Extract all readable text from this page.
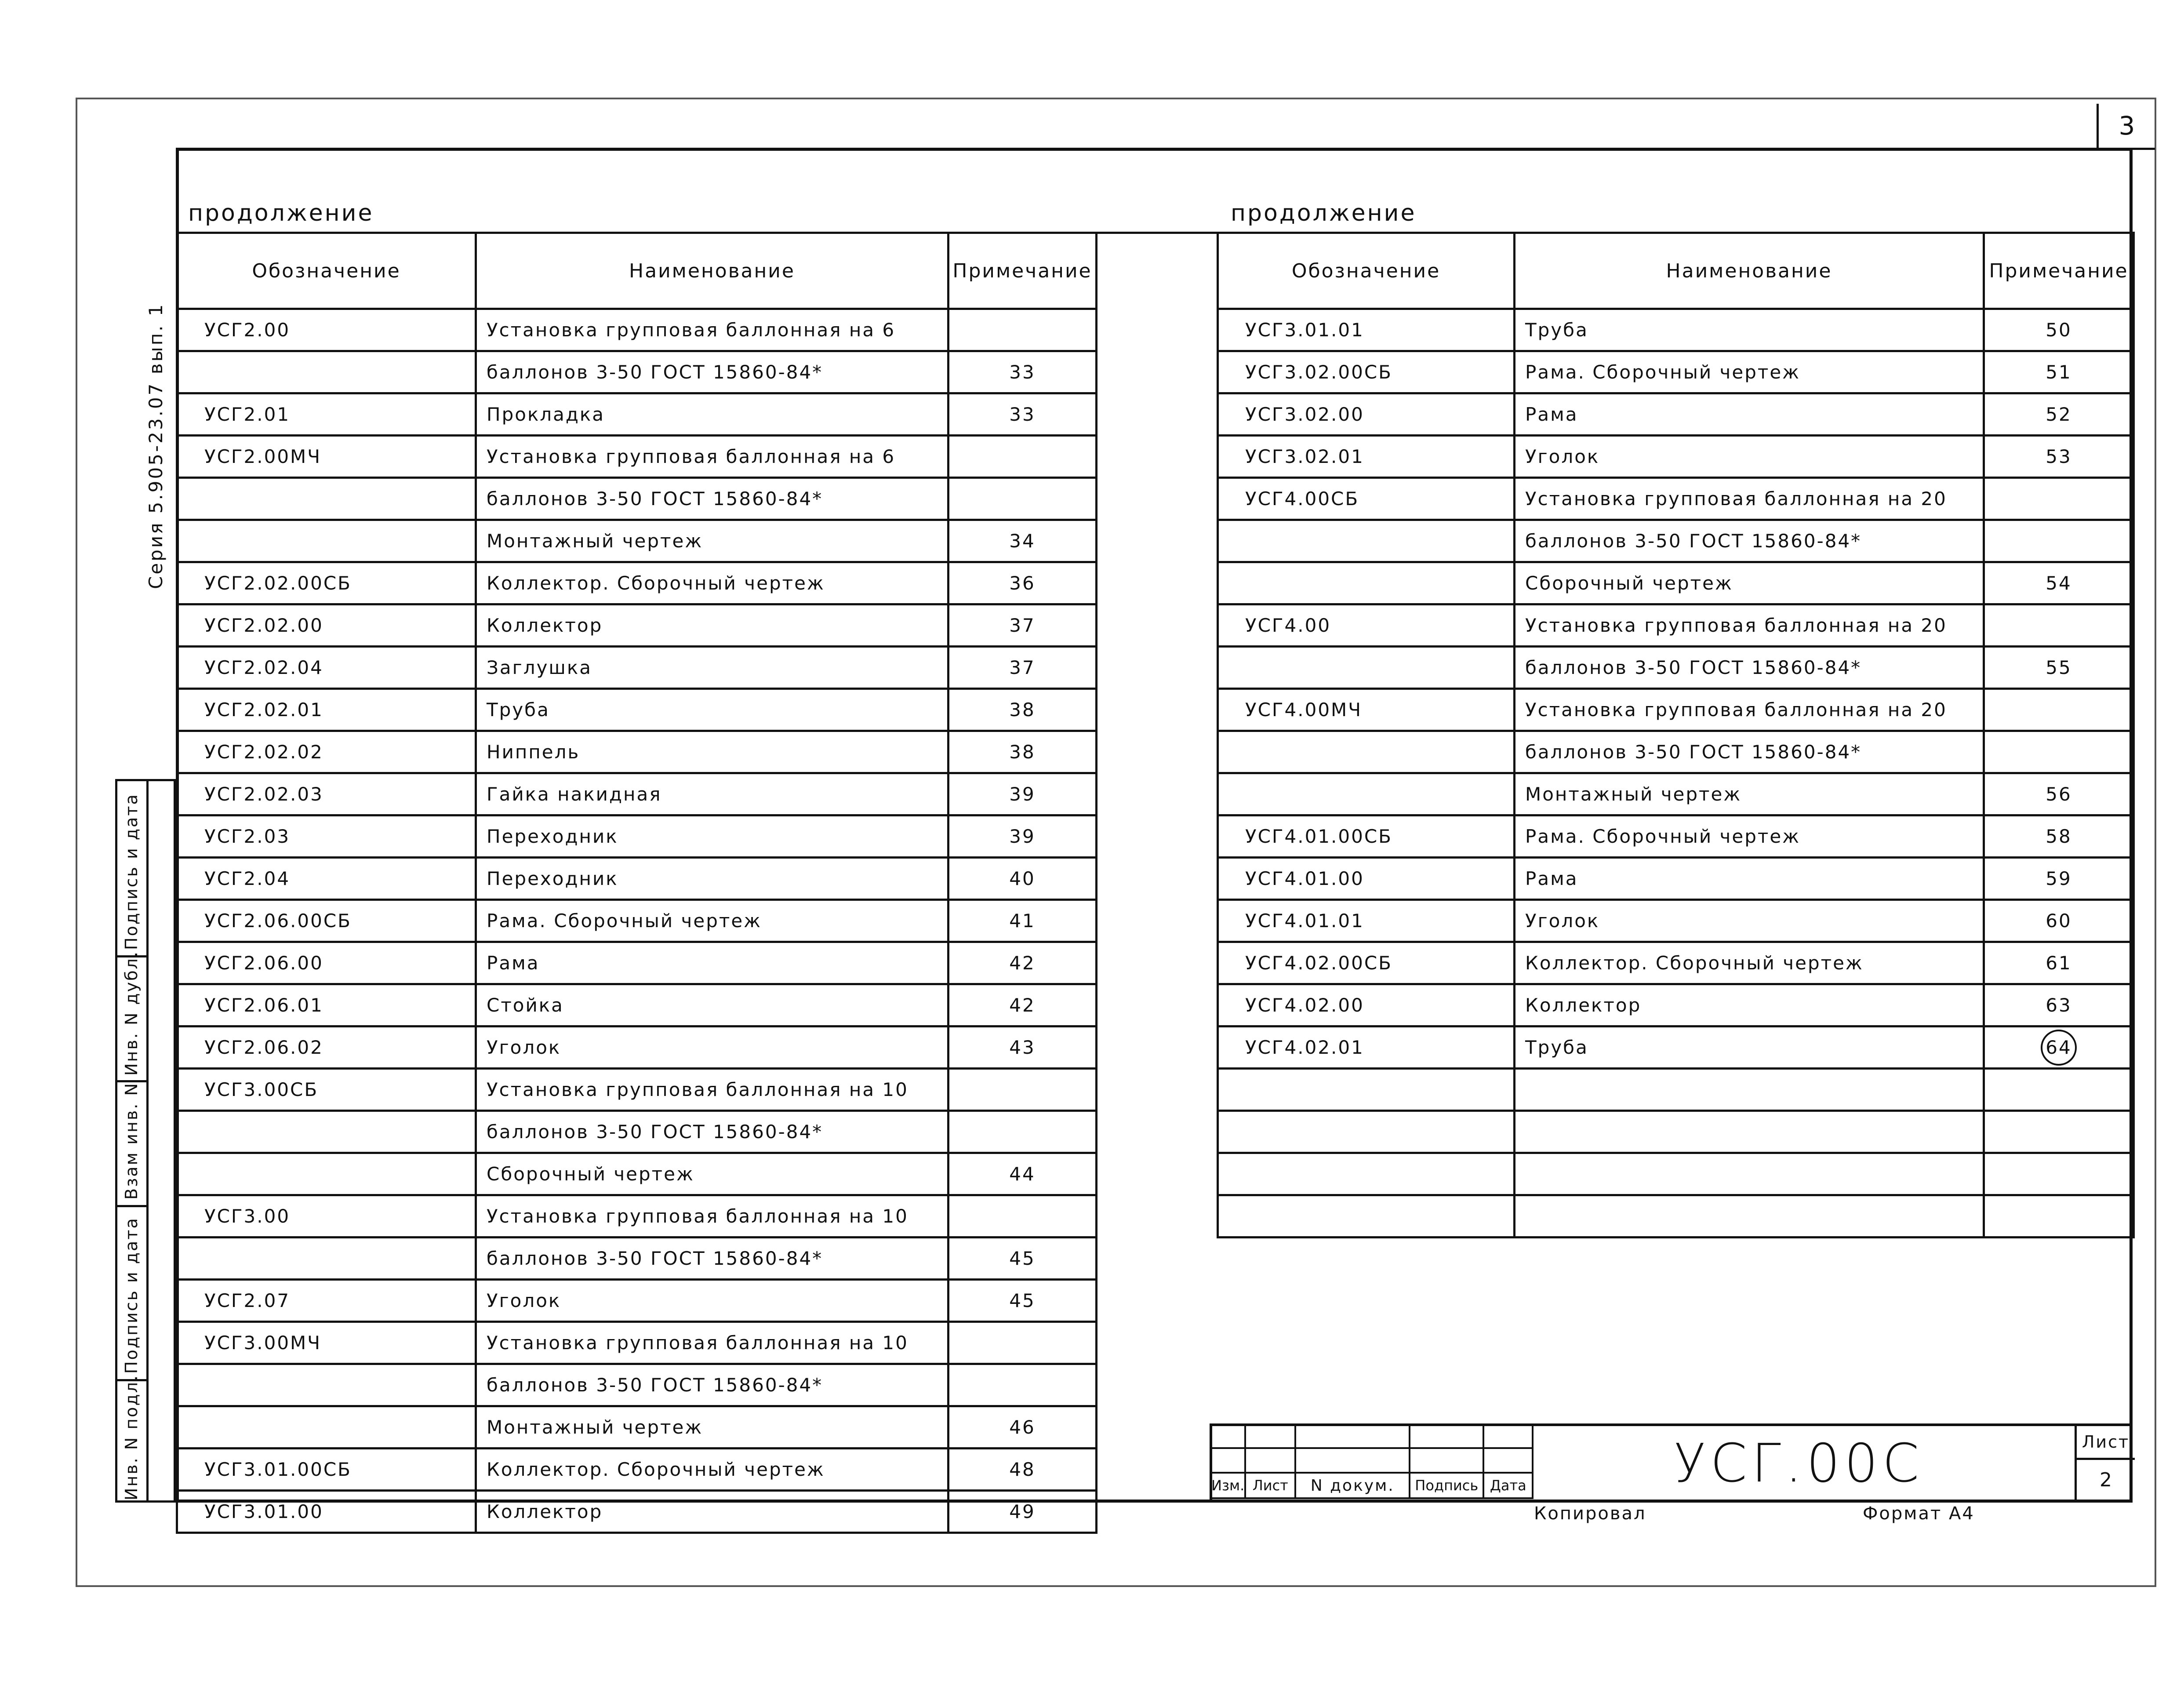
3
Серия 5.905-23.07 вып. 1
продолжение	продолжение
Обозначение	Наименование	Примечание
УСГ2.00	Установка групповая баллонная на 6	
	баллонов 3-50 ГОСТ 15860-84*	33
УСГ2.01	Прокладка	33
УСГ2.00МЧ	Установка групповая баллонная на 6	
	баллонов 3-50 ГОСТ 15860-84*	
	Монтажный чертеж	34
УСГ2.02.00СБ	Коллектор. Сборочный чертеж	36
УСГ2.02.00	Коллектор	37
УСГ2.02.04	Заглушка	37
УСГ2.02.01	Труба	38
УСГ2.02.02	Ниппель	38
УСГ2.02.03	Гайка накидная	39
УСГ2.03	Переходник	39
УСГ2.04	Переходник	40
УСГ2.06.00СБ	Рама. Сборочный чертеж	41
УСГ2.06.00	Рама	42
УСГ2.06.01	Стойка	42
УСГ2.06.02	Уголок	43
УСГ3.00СБ	Установка групповая баллонная на 10	
	баллонов 3-50 ГОСТ 15860-84*	
	Сборочный чертеж	44
УСГ3.00	Установка групповая баллонная на 10	
	баллонов 3-50 ГОСТ 15860-84*	45
УСГ2.07	Уголок	45
УСГ3.00МЧ	Установка групповая баллонная на 10	
	баллонов 3-50 ГОСТ 15860-84*	
	Монтажный чертеж	46
УСГ3.01.00СБ	Коллектор. Сборочный чертеж	48
УСГ3.01.00	Коллектор	49
Обозначение	Наименование	Примечание
УСГ3.01.01	Труба	50
УСГ3.02.00СБ	Рама. Сборочный чертеж	51
УСГ3.02.00	Рама	52
УСГ3.02.01	Уголок	53
УСГ4.00СБ	Установка групповая баллонная на 20	
	баллонов 3-50 ГОСТ 15860-84*	
	Сборочный чертеж	54
УСГ4.00	Установка групповая баллонная на 20	
	баллонов 3-50 ГОСТ 15860-84*	55
УСГ4.00МЧ	Установка групповая баллонная на 20	
	баллонов 3-50 ГОСТ 15860-84*	
	Монтажный чертеж	56
УСГ4.01.00СБ	Рама. Сборочный чертеж	58
УСГ4.01.00	Рама	59
УСГ4.01.01	Уголок	60
УСГ4.02.00СБ	Коллектор. Сборочный чертеж	61
УСГ4.02.00	Коллектор	63
УСГ4.02.01	Труба	64

Подпись и дата
Инв. N дубл.
Взам инв. N
Подпись и дата
Инв. N подл.

					Изм.	Лист	N докум.	Подпись	Дата	УСГ.00С	Лист
2
Копировал	Формат А4
